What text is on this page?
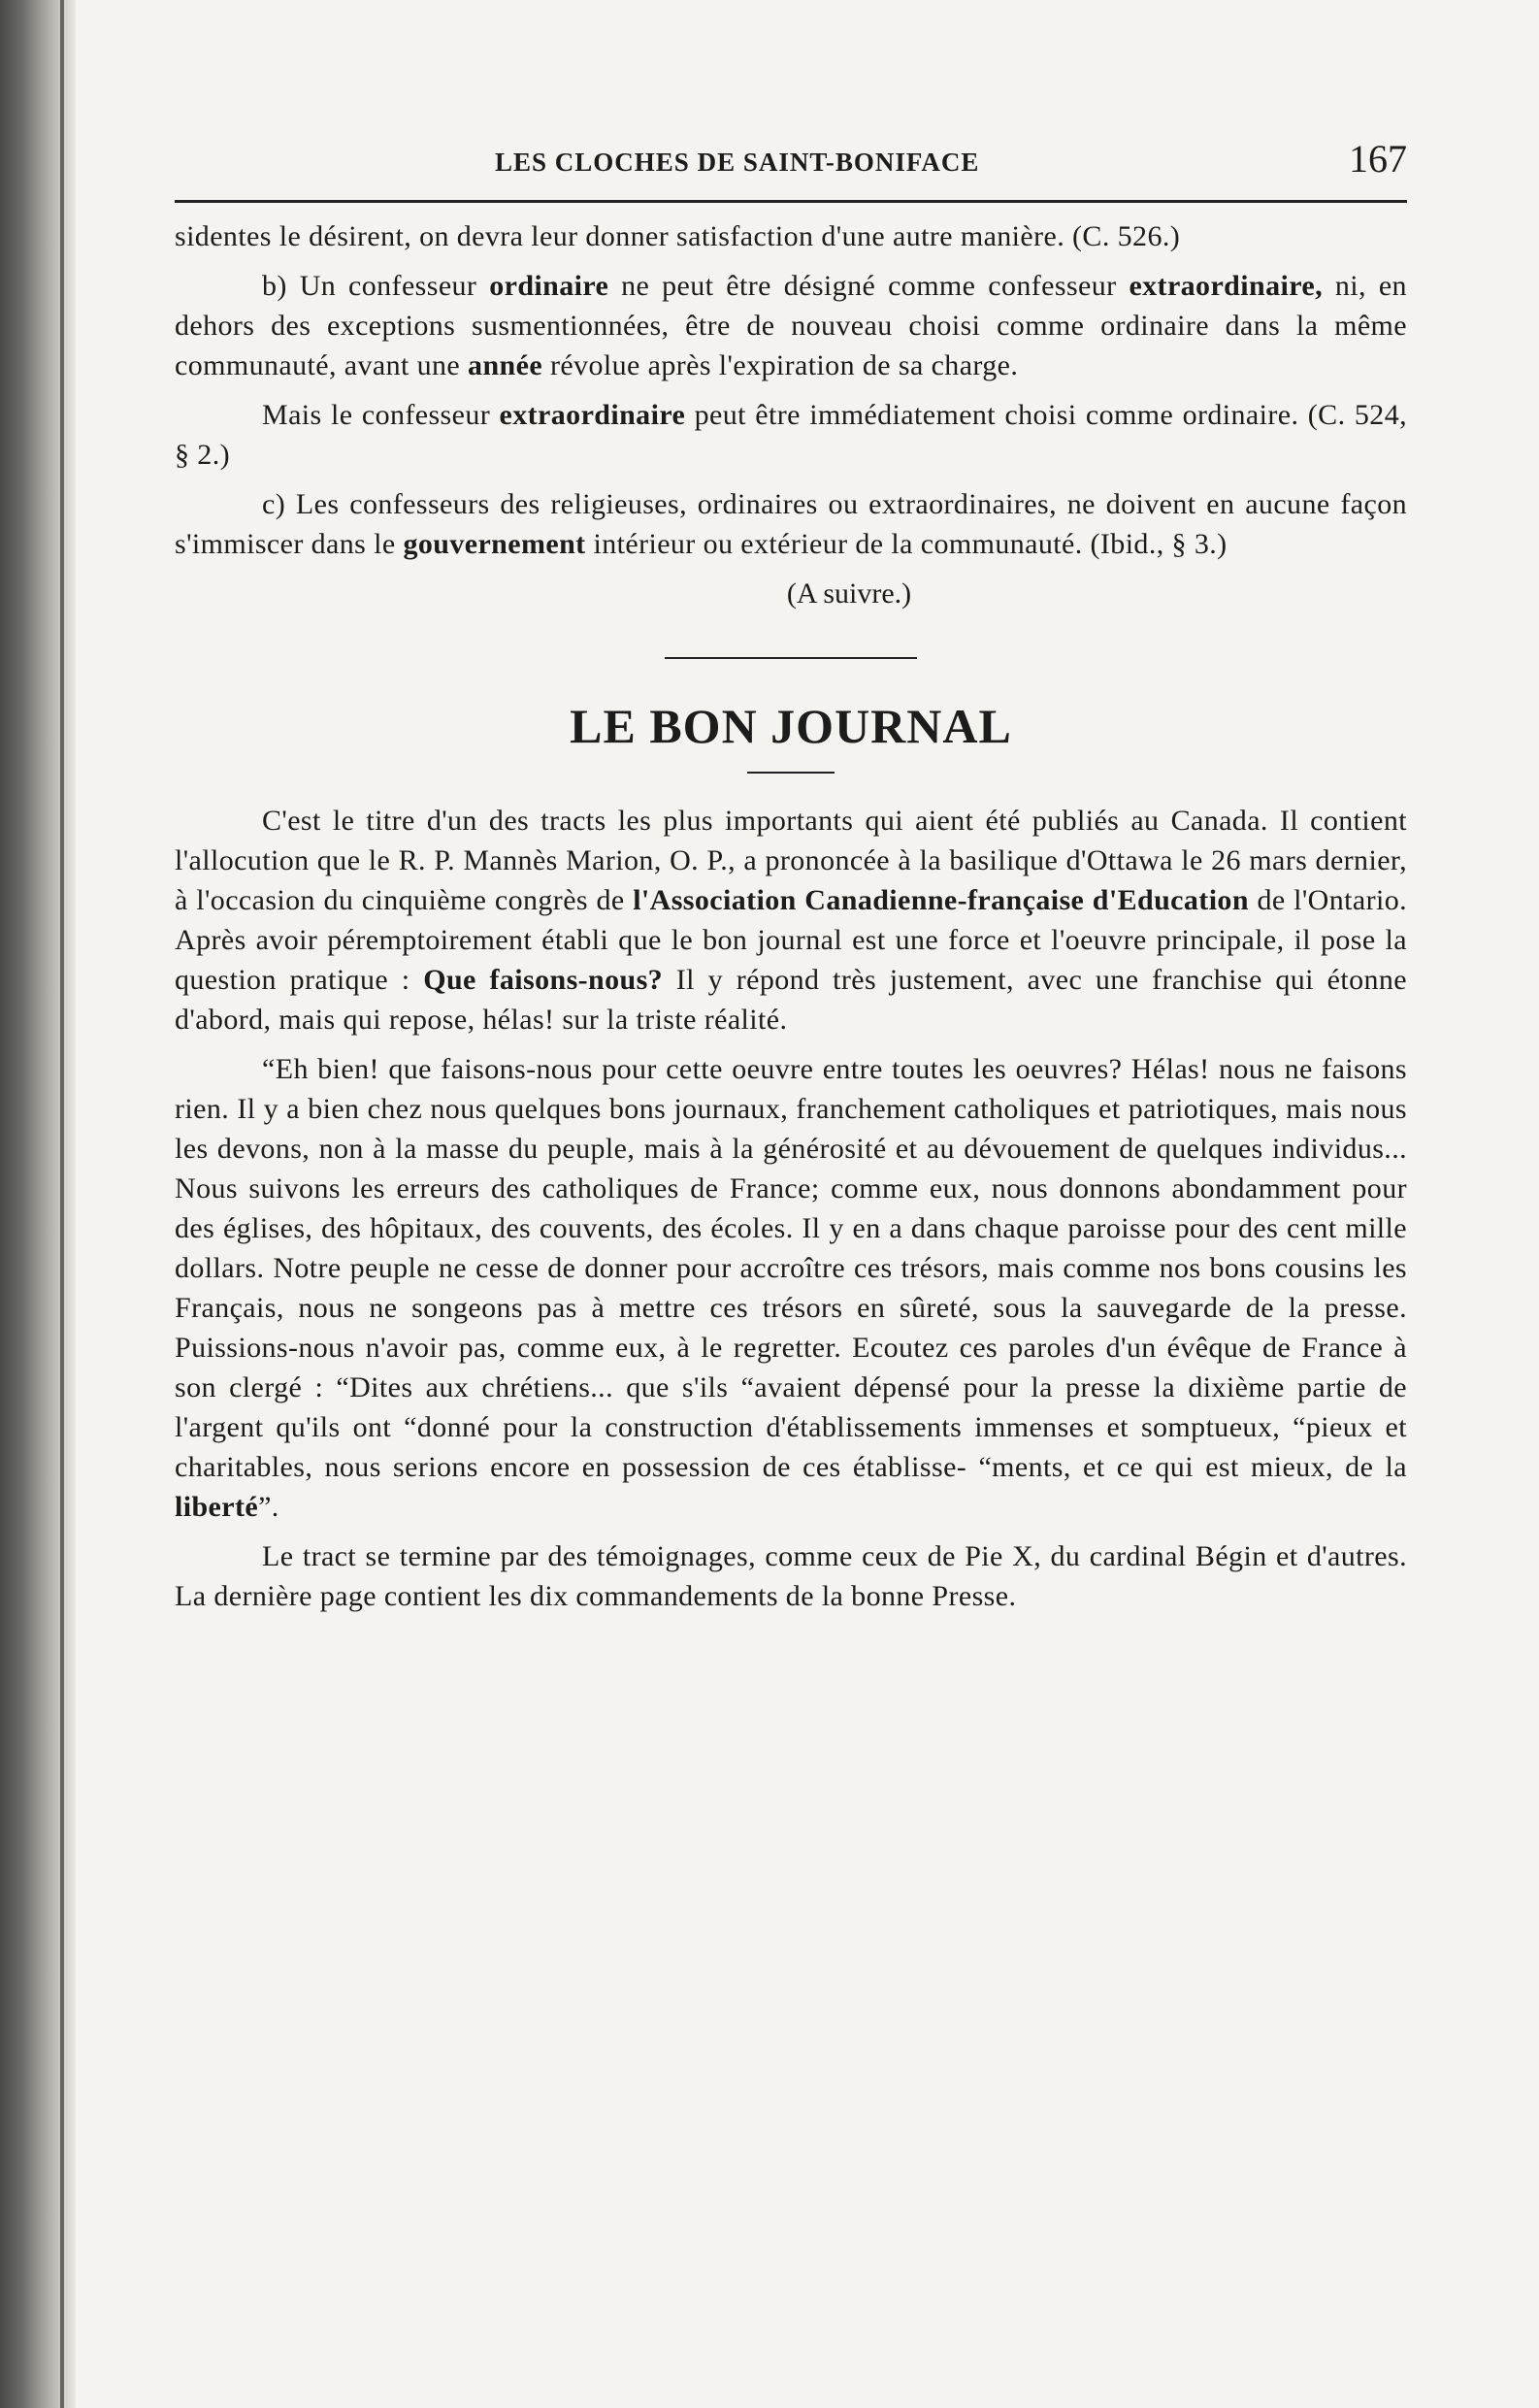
LES CLOCHES DE SAINT-BONIFACE	167

sidentes le désirent, on devra leur donner satisfaction d'une autre manière. (C. 526.)

b) Un confesseur ordinaire ne peut être désigné comme confesseur extraordinaire, ni, en dehors des exceptions susmentionnées, être de nouveau choisi comme ordinaire dans la même communauté, avant une année révolue après l'expiration de sa charge.

Mais le confesseur extraordinaire peut être immédiatement choisi comme ordinaire. (C. 524, § 2.)

c) Les confesseurs des religieuses, ordinaires ou extraordinaires, ne doivent en aucune façon s'immiscer dans le gouvernement intérieur ou extérieur de la communauté. (Ibid., § 3.)

(A suivre.)
LE BON JOURNAL

C'est le titre d'un des tracts les plus importants qui aient été publiés au Canada. Il contient l'allocution que le R. P. Mannès Marion, O. P., a prononcée à la basilique d'Ottawa le 26 mars dernier, à l'occasion du cinquième congrès de l'Association Canadienne-française d'Education de l'Ontario. Après avoir péremptoirement établi que le bon journal est une force et l'oeuvre principale, il pose la question pratique : Que faisons-nous? Il y répond très justement, avec une franchise qui étonne d'abord, mais qui repose, hélas! sur la triste réalité.

“Eh bien! que faisons-nous pour cette oeuvre entre toutes les oeuvres? Hélas! nous ne faisons rien. Il y a bien chez nous quelques bons journaux, franchement catholiques et patriotiques, mais nous les devons, non à la masse du peuple, mais à la générosité et au dévouement de quelques individus... Nous suivons les erreurs des catholiques de France; comme eux, nous donnons abondamment pour des églises, des hôpitaux, des couvents, des écoles. Il y en a dans chaque paroisse pour des cent mille dollars. Notre peuple ne cesse de donner pour accroître ces trésors, mais comme nos bons cousins les Français, nous ne songeons pas à mettre ces trésors en sûreté, sous la sauvegarde de la presse. Puissions-nous n'avoir pas, comme eux, à le regretter. Ecoutez ces paroles d'un évêque de France à son clergé : “Dites aux chrétiens... que s'ils “avaient dépensé pour la presse la dixième partie de l'argent qu'ils ont “donné pour la construction d'établissements immenses et somptueux, “pieux et charitables, nous serions encore en possession de ces établisse- “ments, et ce qui est mieux, de la liberté”.

Le tract se termine par des témoignages, comme ceux de Pie X, du cardinal Bégin et d'autres. La dernière page contient les dix commandements de la bonne Presse.
